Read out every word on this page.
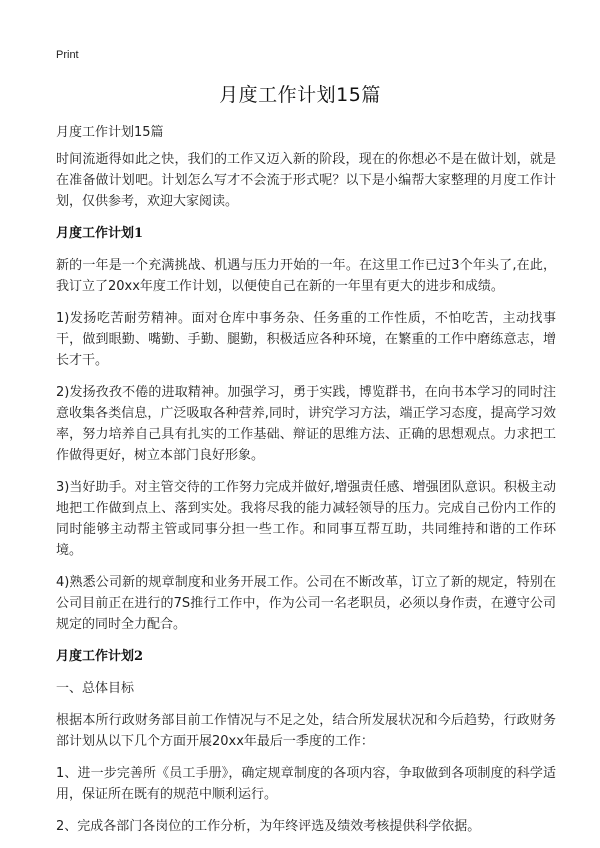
Print
月度工作计划15篇
月度工作计划15篇

时间流逝得如此之快，我们的工作又迈入新的阶段，现在的你想必不是在做计划，就是在准备做计划吧。计划怎么写才不会流于形式呢？以下是小编帮大家整理的月度工作计划，仅供参考，欢迎大家阅读。

月度工作计划1

新的一年是一个充满挑战、机遇与压力开始的一年。在这里工作已过3个年头了,在此，我订立了20xx年度工作计划，以便使自己在新的一年里有更大的进步和成绩。

1)发扬吃苦耐劳精神。面对仓库中事务杂、任务重的工作性质，不怕吃苦，主动找事干，做到眼勤、嘴勤、手勤、腿勤，积极适应各种环境，在繁重的工作中磨练意志，增长才干。

2)发扬孜孜不倦的进取精神。加强学习，勇于实践，博览群书，在向书本学习的同时注意收集各类信息，广泛吸取各种营养,同时，讲究学习方法，端正学习态度，提高学习效率，努力培养自己具有扎实的工作基础、辩证的思维方法、正确的思想观点。力求把工作做得更好，树立本部门良好形象。

3)当好助手。对主管交待的工作努力完成并做好,增强责任感、增强团队意识。积极主动地把工作做到点上、落到实处。我将尽我的能力减轻领导的压力。完成自己份内工作的同时能够主动帮主管或同事分担一些工作。和同事互帮互助，共同维持和谐的工作环境。

4)熟悉公司新的规章制度和业务开展工作。公司在不断改革，订立了新的规定，特别在公司目前正在进行的7S推行工作中，作为公司一名老职员，必须以身作责，在遵守公司规定的同时全力配合。

月度工作计划2

一、总体目标

根据本所行政财务部目前工作情况与不足之处，结合所发展状况和今后趋势，行政财务部计划从以下几个方面开展20xx年最后一季度的工作：

1、进一步完善所《员工手册》，确定规章制度的各项内容，争取做到各项制度的科学适用，保证所在既有的规范中顺利运行。

2、完成各部门各岗位的工作分析，为年终评选及绩效考核提供科学依据。
